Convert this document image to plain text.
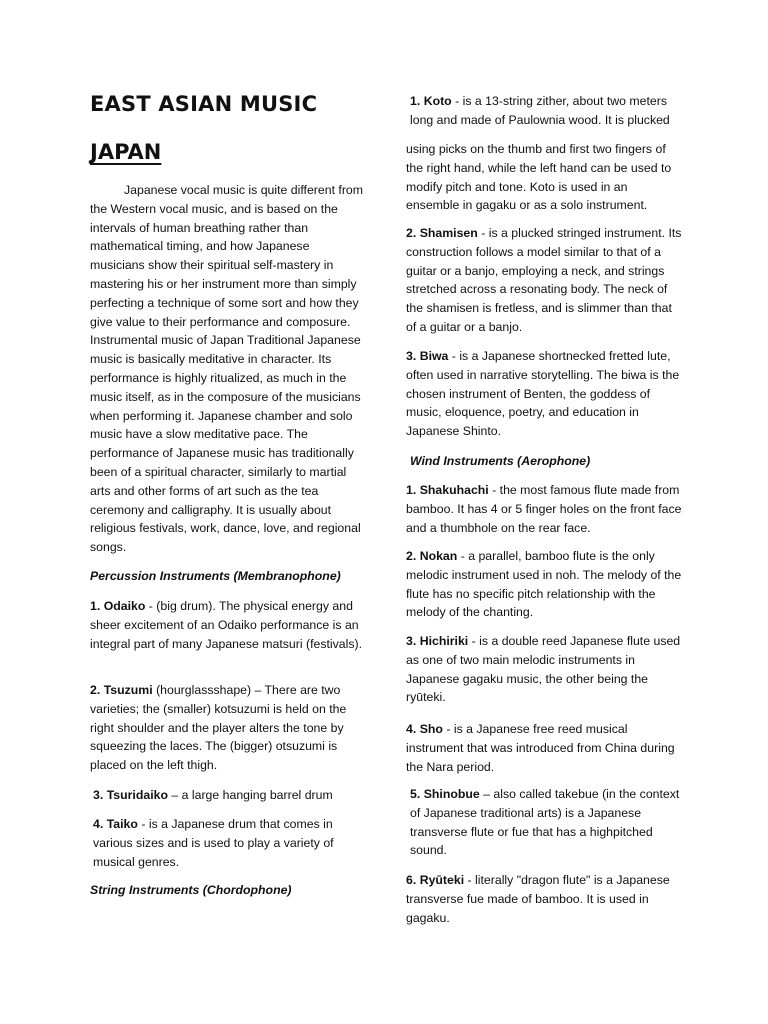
EAST ASIAN MUSIC
JAPAN

Japanese vocal music is quite different from the Western vocal music, and is based on the intervals of human breathing rather than mathematical timing, and how Japanese musicians show their spiritual self-mastery in mastering his or her instrument more than simply perfecting a technique of some sort and how they give value to their performance and composure. Instrumental music of Japan Traditional Japanese music is basically meditative in character. Its performance is highly ritualized, as much in the music itself, as in the composure of the musicians when performing it. Japanese chamber and solo music have a slow meditative pace. The performance of Japanese music has traditionally been of a spiritual character, similarly to martial arts and other forms of art such as the tea ceremony and calligraphy. It is usually about religious festivals, work, dance, love, and regional songs.

Percussion Instruments (Membranophone)

1. Odaiko - (big drum). The physical energy and sheer excitement of an Odaiko performance is an integral part of many Japanese matsuri (festivals).

2. Tsuzumi (hourglassshape) – There are two varieties; the (smaller) kotsuzumi is held on the right shoulder and the player alters the tone by squeezing the laces. The (bigger) otsuzumi is placed on the left thigh.

3. Tsuridaiko – a large hanging barrel drum

4. Taiko - is a Japanese drum that comes in various sizes and is used to play a variety of musical genres.

String Instruments (Chordophone)

1. Koto - is a 13-string zither, about two meters long and made of Paulownia wood. It is plucked

using picks on the thumb and first two fingers of the right hand, while the left hand can be used to modify pitch and tone. Koto is used in an ensemble in gagaku or as a solo instrument.

2. Shamisen - is a plucked stringed instrument. Its construction follows a model similar to that of a guitar or a banjo, employing a neck, and strings stretched across a resonating body. The neck of the shamisen is fretless, and is slimmer than that of a guitar or a banjo.

3. Biwa - is a Japanese shortnecked fretted lute, often used in narrative storytelling. The biwa is the chosen instrument of Benten, the goddess of music, eloquence, poetry, and education in Japanese Shinto.

Wind Instruments (Aerophone)

1. Shakuhachi - the most famous flute made from bamboo. It has 4 or 5 finger holes on the front face and a thumbhole on the rear face.

2. Nokan - a parallel, bamboo flute is the only melodic instrument used in noh. The melody of the flute has no specific pitch relationship with the melody of the chanting.

3. Hichiriki - is a double reed Japanese flute used as one of two main melodic instruments in Japanese gagaku music, the other being the ryūteki.

4. Sho - is a Japanese free reed musical instrument that was introduced from China during the Nara period.

5. Shinobue – also called takebue (in the context of Japanese traditional arts) is a Japanese transverse flute or fue that has a highpitched sound.

6. Ryūteki - literally "dragon flute" is a Japanese transverse fue made of bamboo. It is used in gagaku.
